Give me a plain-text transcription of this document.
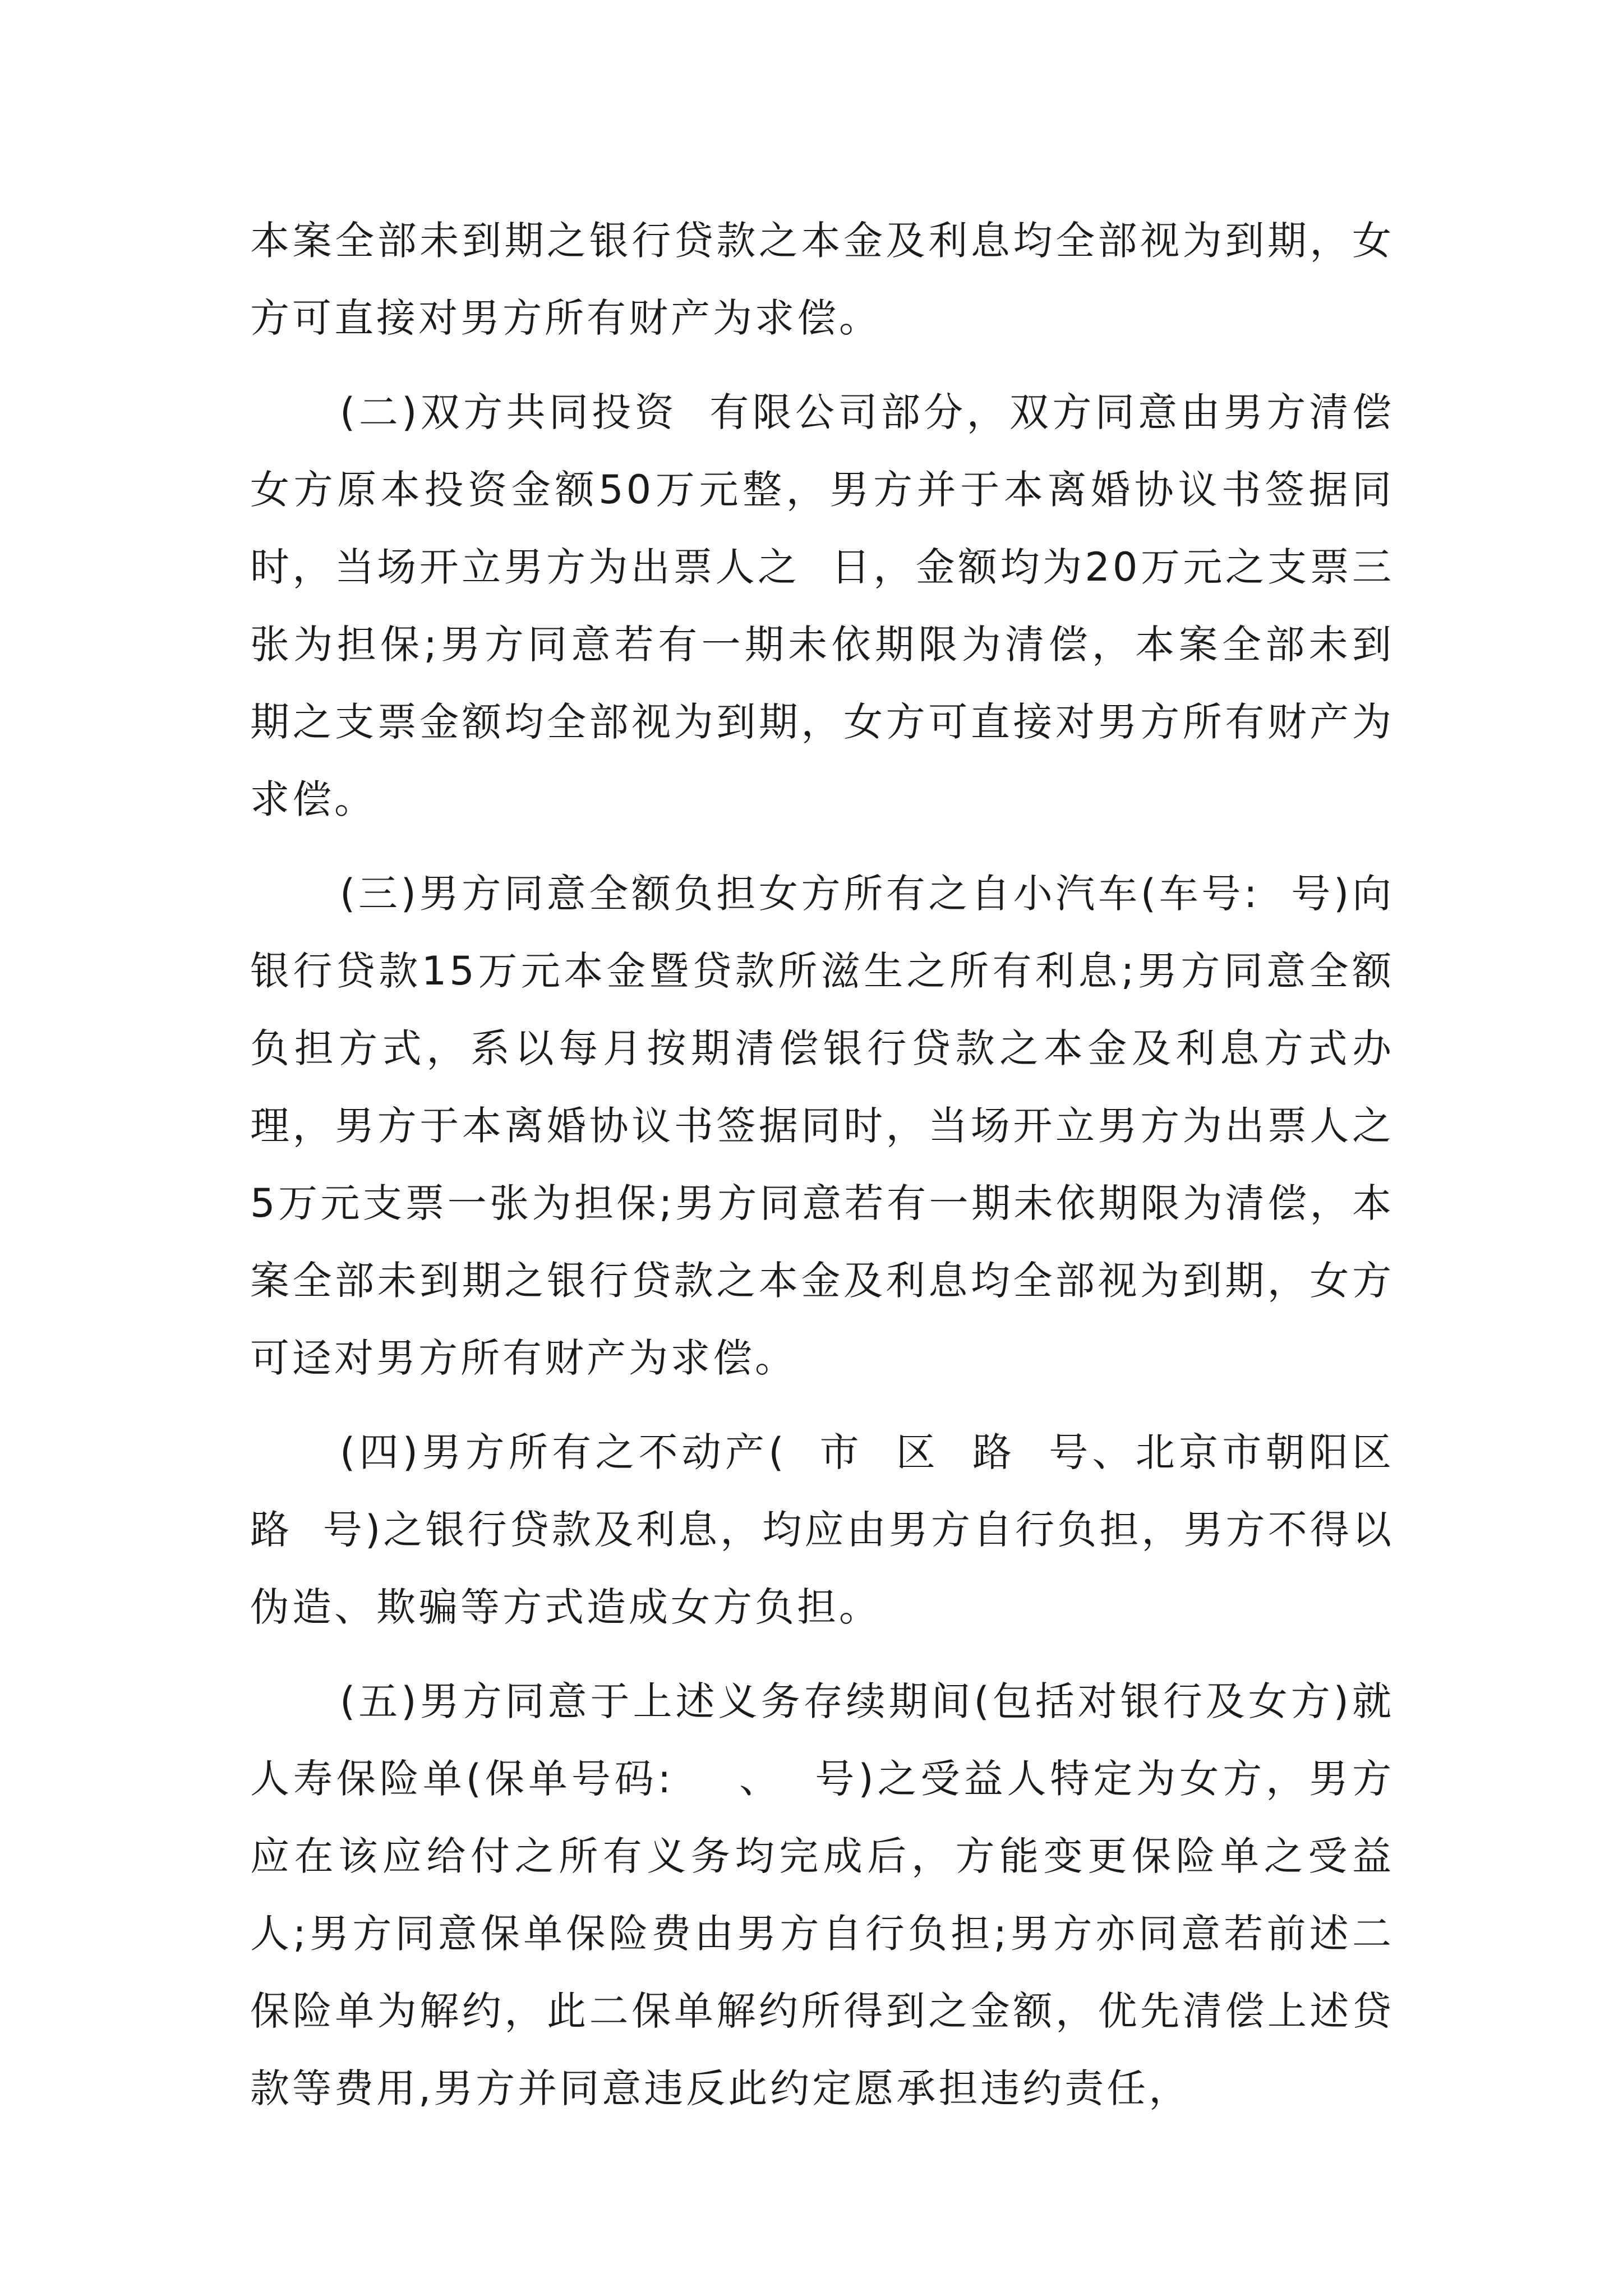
本案全部未到期之银行贷款之本金及利息均全部视为到期，女方可直接对男方所有财产为求偿。

(二)双方共同投资  有限公司部分，双方同意由男方清偿女方原本投资金额50万元整，男方并于本离婚协议书签据同时，当场开立男方为出票人之  日，金额均为20万元之支票三张为担保;男方同意若有一期未依期限为清偿，本案全部未到期之支票金额均全部视为到期，女方可直接对男方所有财产为求偿。

(三)男方同意全额负担女方所有之自小汽车(车号:  号)向银行贷款15万元本金暨贷款所滋生之所有利息;男方同意全额负担方式，系以每月按期清偿银行贷款之本金及利息方式办理，男方于本离婚协议书签据同时，当场开立男方为出票人之5万元支票一张为担保;男方同意若有一期未依期限为清偿，本案全部未到期之银行贷款之本金及利息均全部视为到期，女方可迳对男方所有财产为求偿。

(四)男方所有之不动产(  市  区  路  号、北京市朝阳区  路  号)之银行贷款及利息，均应由男方自行负担，男方不得以伪造、欺骗等方式造成女方负担。

(五)男方同意于上述义务存续期间(包括对银行及女方)就  人寿保险单(保单号码:    、  号)之受益人特定为女方，男方应在该应给付之所有义务均完成后，方能变更保险单之受益人;男方同意保单保险费由男方自行负担;男方亦同意若前述二保险单为解约，此二保单解约所得到之金额，优先清偿上述贷款等费用,男方并同意违反此约定愿承担违约责任，
